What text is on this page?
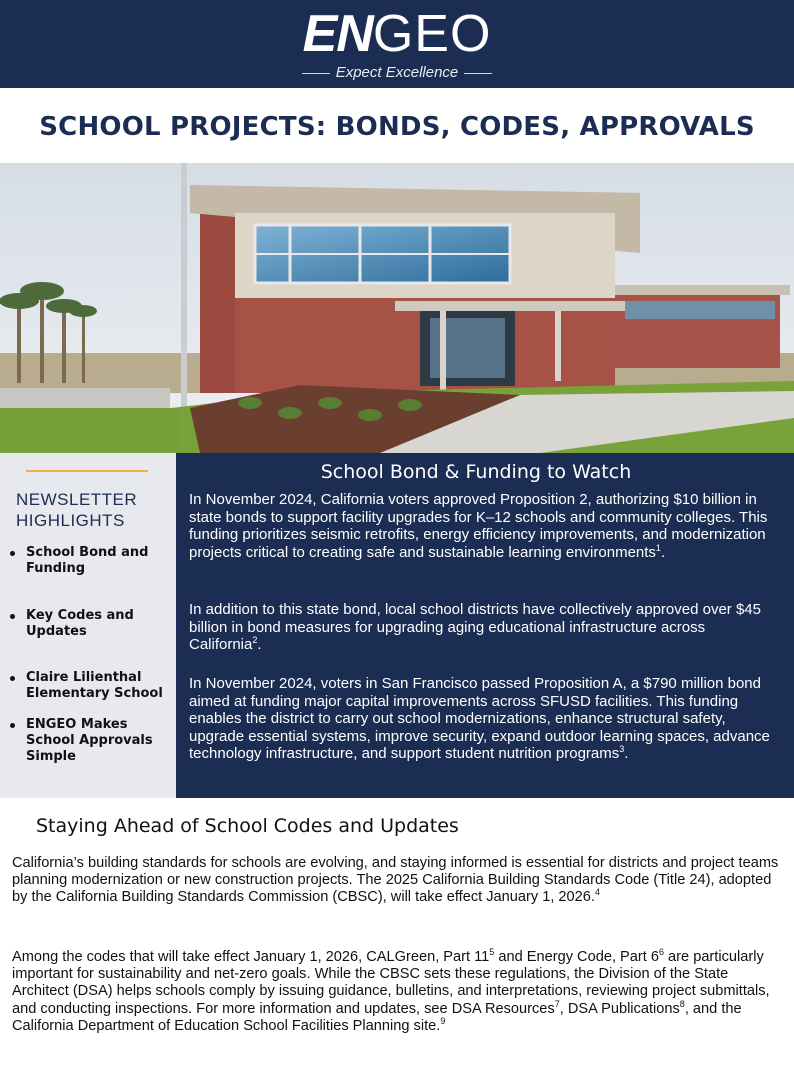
ENGEO
Expect Excellence
SCHOOL PROJECTS: BONDS, CODES, APPROVALS
NEWSLETTER HIGHLIGHTS
School Bond and Funding
Key Codes and Updates
Claire Lilienthal Elementary School
ENGEO Makes School Approvals Simple
School Bond & Funding to Watch

In November 2024, California voters approved Proposition 2, authorizing $10 billion in state bonds to support facility upgrades for K–12 schools and community colleges. This funding prioritizes seismic retrofits, energy efficiency improvements, and modernization projects critical to creating safe and sustainable learning environments$^1$.

In addition to this state bond, local school districts have collectively approved over $45 billion in bond measures for upgrading aging educational infrastructure across California$^2$.

In November 2024, voters in San Francisco passed Proposition A, a $790 million bond aimed at funding major capital improvements across SFUSD facilities. This funding enables the district to carry out school modernizations, enhance structural safety, upgrade essential systems, improve security, expand outdoor learning spaces, advance technology infrastructure, and support student nutrition programs$^3$.

Staying Ahead of School Codes and Updates

California’s building standards for schools are evolving, and staying informed is essential for districts and project teams planning modernization or new construction projects. The 2025 California Building Standards Code (Title 24), adopted by the California Building Standards Commission (CBSC), will take effect January 1, 2026.$^4$

Among the codes that will take effect January 1, 2026, CALGreen, Part $11^5$ and Energy Code, Part $6^6$ are particularly important for sustainability and net-zero goals. While the CBSC sets these regulations, the Division of the State Architect (DSA) helps schools comply by issuing guidance, bulletins, and interpretations, reviewing project submittals, and conducting inspections. For more information and updates, see DSA Resources$^7$, DSA Publications$^8$, and the California Department of Education School Facilities Planning site.$^9$
